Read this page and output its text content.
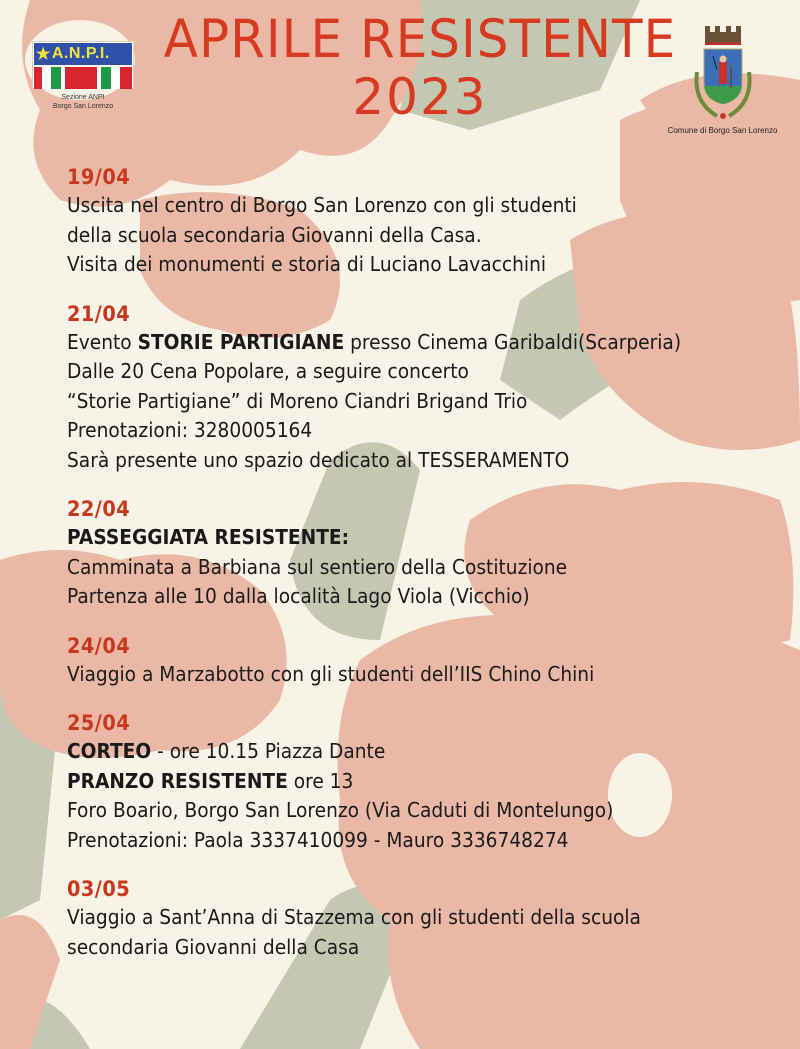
★ A.N.P.I.
Sezione ANPI
Borgo San Lorenzo
APRILE RESISTENTE
2023
Comune di Borgo San Lorenzo
19/04
Uscita nel centro di Borgo San Lorenzo con gli studenti
della scuola secondaria Giovanni della Casa.
Visita dei monumenti e storia di Luciano Lavacchini
21/04
Evento STORIE PARTIGIANE presso Cinema Garibaldi(Scarperia)
Dalle 20 Cena Popolare, a seguire concerto
“Storie Partigiane” di Moreno Ciandri Brigand Trio
Prenotazioni: 3280005164
Sarà presente uno spazio dedicato al TESSERAMENTO
22/04
PASSEGGIATA RESISTENTE:
Camminata a Barbiana sul sentiero della Costituzione
Partenza alle 10 dalla località Lago Viola (Vicchio)
24/04
Viaggio a Marzabotto con gli studenti dell’IIS Chino Chini
25/04
CORTEO - ore 10.15 Piazza Dante
PRANZO RESISTENTE ore 13
Foro Boario, Borgo San Lorenzo (Via Caduti di Montelungo)
Prenotazioni: Paola 3337410099 - Mauro 3336748274
03/05
Viaggio a Sant’Anna di Stazzema con gli studenti della scuola
secondaria Giovanni della Casa
